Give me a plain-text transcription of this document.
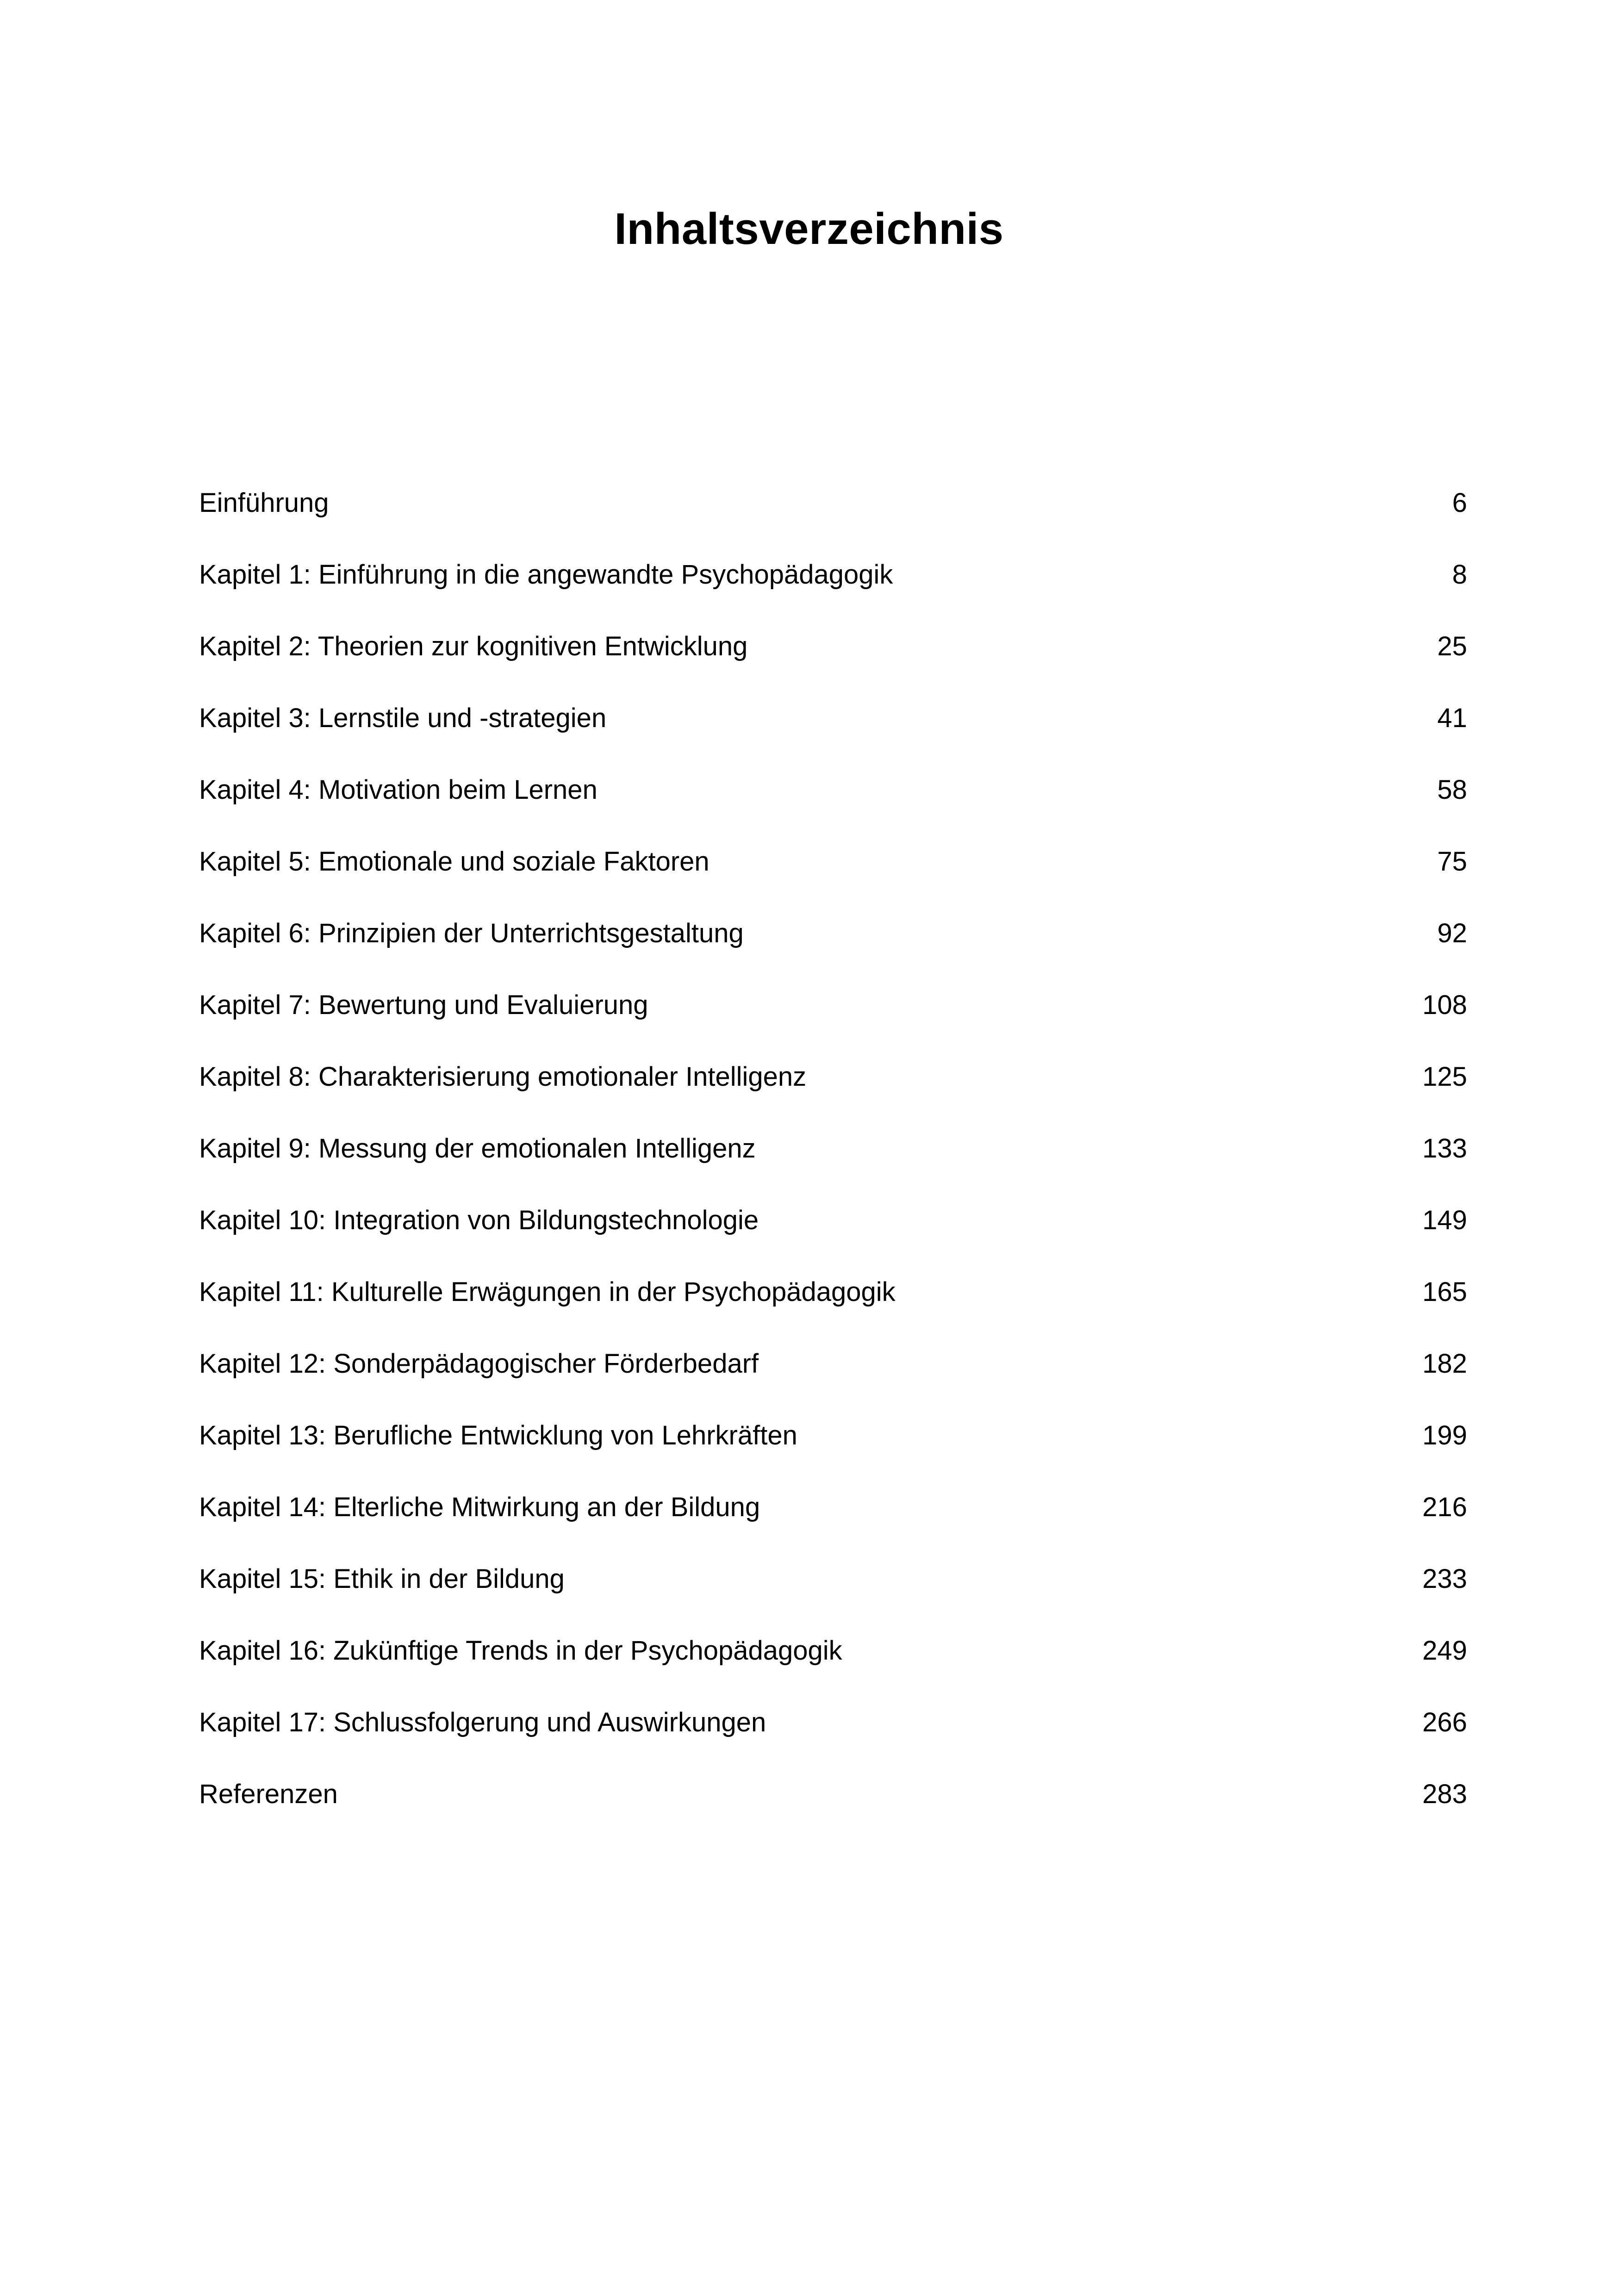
Inhaltsverzeichnis
Einführung	6
Kapitel 1: Einführung in die angewandte Psychopädagogik	8
Kapitel 2: Theorien zur kognitiven Entwicklung	25
Kapitel 3: Lernstile und -strategien	41
Kapitel 4: Motivation beim Lernen	58
Kapitel 5: Emotionale und soziale Faktoren	75
Kapitel 6: Prinzipien der Unterrichtsgestaltung	92
Kapitel 7: Bewertung und Evaluierung	108
Kapitel 8: Charakterisierung emotionaler Intelligenz	125
Kapitel 9: Messung der emotionalen Intelligenz	133
Kapitel 10: Integration von Bildungstechnologie	149
Kapitel 11: Kulturelle Erwägungen in der Psychopädagogik	165
Kapitel 12: Sonderpädagogischer Förderbedarf	182
Kapitel 13: Berufliche Entwicklung von Lehrkräften	199
Kapitel 14: Elterliche Mitwirkung an der Bildung	216
Kapitel 15: Ethik in der Bildung	233
Kapitel 16: Zukünftige Trends in der Psychopädagogik	249
Kapitel 17: Schlussfolgerung und Auswirkungen	266
Referenzen	283
